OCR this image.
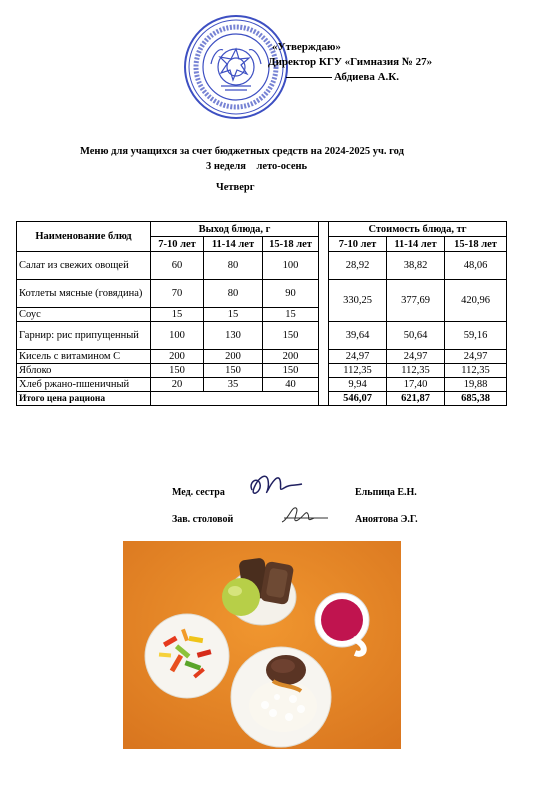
«Утверждаю»
Директор КГУ «Гимназия № 27»
Абдиева А.К.
Меню для учащихся за счет бюджетных средств на 2024-2025 уч. год
3 неделя    лето-осень
Четверг
Наименование блюд	Выход блюда, г				Стоимость блюда, тг		
	7-10 лет	11-14 лет	15-18 лет		7-10 лет	11-14 лет	15-18 лет
Салат из свежих овощей	60	80	100		28,92	38,82	48,06
Котлеты мясные (говядина)	70	80	90		330,25	377,69	420,96
Соус	15	15	15				
Гарнир: рис припущенный	100	130	150		39,64	50,64	59,16
Кисель с витамином С	200	200	200		24,97	24,97	24,97
Яблоко	150	150	150		112,35	112,35	112,35
Хлеб ржано-пшеничный	20	35	40		9,94	17,40	19,88
Итого цена рациона					546,07	621,87	685,38
Мед. сестра	Ельпица Е.Н.
Зав. столовой	Аноятова Э.Г.
